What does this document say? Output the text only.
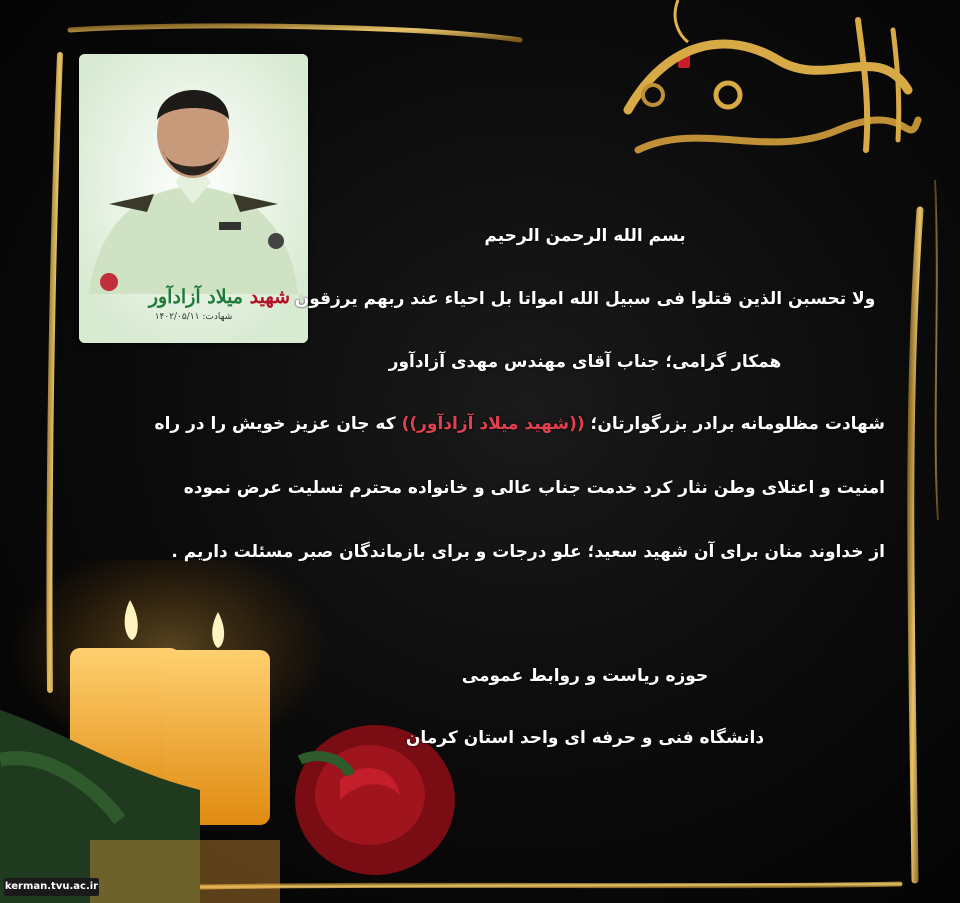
شهید میلاد آزادآور
شهادت: ۱۴۰۲/۰۵/۱۱
بسم الله الرحمن الرحیم
ولا تحسبن الذین قتلوا فی سبیل الله امواتا بل احیاء عند ربهم یرزقون
همکار گرامی؛ جناب آقای مهندس مهدی آزادآور
شهادت مظلومانه برادر بزرگوارتان؛ ((شهید میلاد آزادآور)) که جان عزیز خویش را در راه
امنیت و اعتلای وطن نثار کرد خدمت جناب عالی و خانواده محترم تسلیت عرض نموده
از خداوند منان برای آن شهید سعید؛ علو درجات و برای بازماندگان صبر مسئلت داریم .
حوزه ریاست و روابط عمومی
دانشگاه فنی و حرفه ای واحد استان کرمان
kerman.tvu.ac.ir
